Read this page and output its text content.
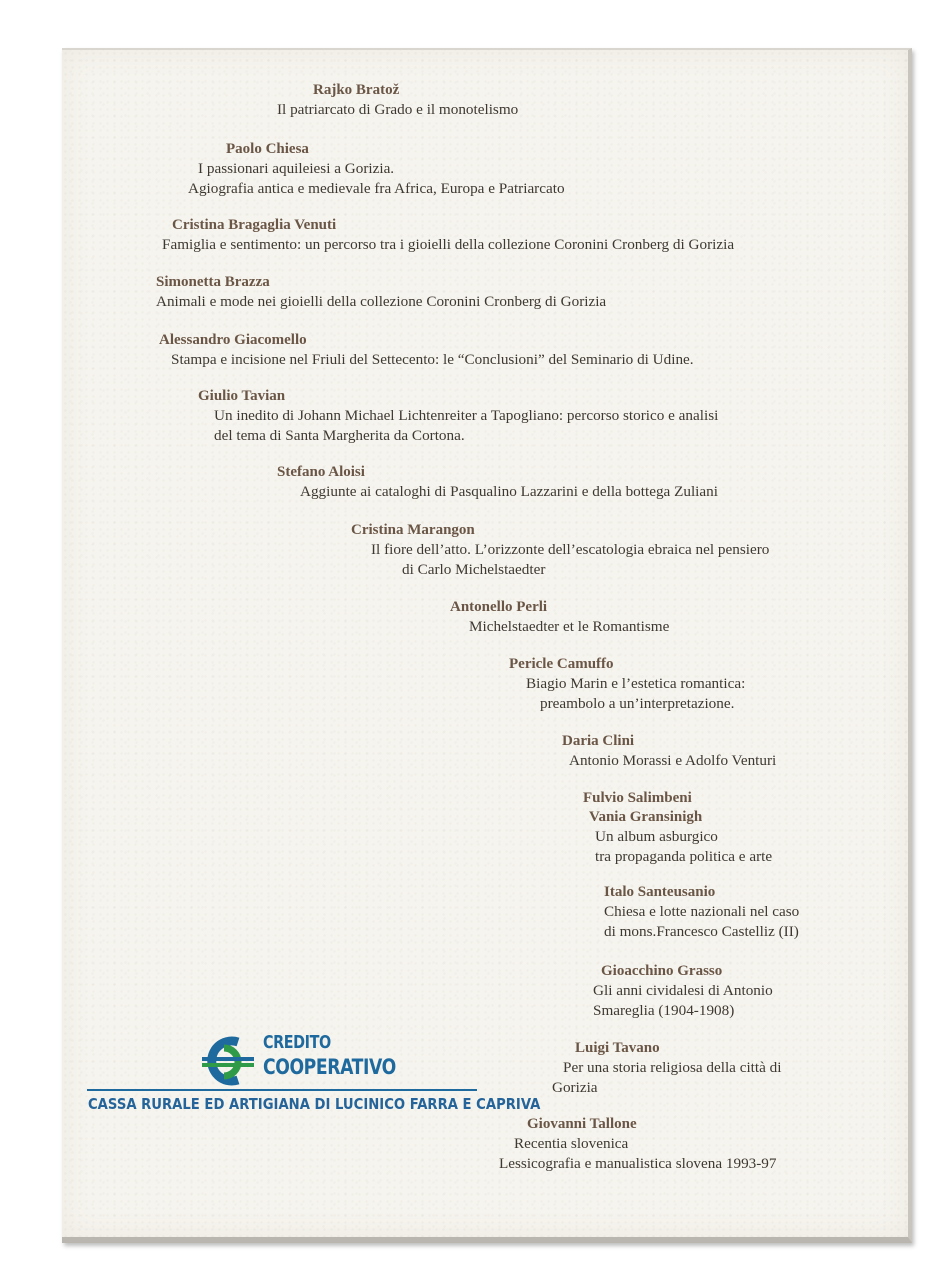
Rajko Bratož
Il patriarcato di Grado e il monotelismo
Paolo Chiesa
I passionari aquileiesi a Gorizia.
Agiografia antica e medievale fra Africa, Europa e Patriarcato
Cristina Bragaglia Venuti
Famiglia e sentimento: un percorso tra i gioielli della collezione Coronini Cronberg di Gorizia
Simonetta Brazza
Animali e mode nei gioielli della collezione Coronini Cronberg di Gorizia
Alessandro Giacomello
Stampa e incisione nel Friuli del Settecento: le “Conclusioni” del Seminario di Udine.
Giulio Tavian
Un inedito di Johann Michael Lichtenreiter a Tapogliano: percorso storico e analisi
del tema di Santa Margherita da Cortona.
Stefano Aloisi
Aggiunte ai cataloghi di Pasqualino Lazzarini e della bottega Zuliani
Cristina Marangon
Il fiore dell’atto. L’orizzonte dell’escatologia ebraica nel pensiero
di Carlo Michelstaedter
Antonello Perli
Michelstaedter et le Romantisme
Pericle Camuffo
Biagio Marin e l’estetica romantica:
preambolo a un’interpretazione.
Daria Clini
Antonio Morassi e Adolfo Venturi
Fulvio Salimbeni
Vania Gransinigh
Un album asburgico
tra propaganda politica e arte
Italo Santeusanio
Chiesa e lotte nazionali nel caso
di mons.Francesco Castelliz (II)
Gioacchino Grasso
Gli anni cividalesi di Antonio
Smareglia (1904-1908)
Luigi Tavano
Per una storia religiosa della città di
Gorizia
Giovanni Tallone
Recentia slovenica
Lessicografia e manualistica slovena 1993-97
CREDITO
COOPERATIVO
CASSA RURALE ED ARTIGIANA DI LUCINICO FARRA E CAPRIVA
